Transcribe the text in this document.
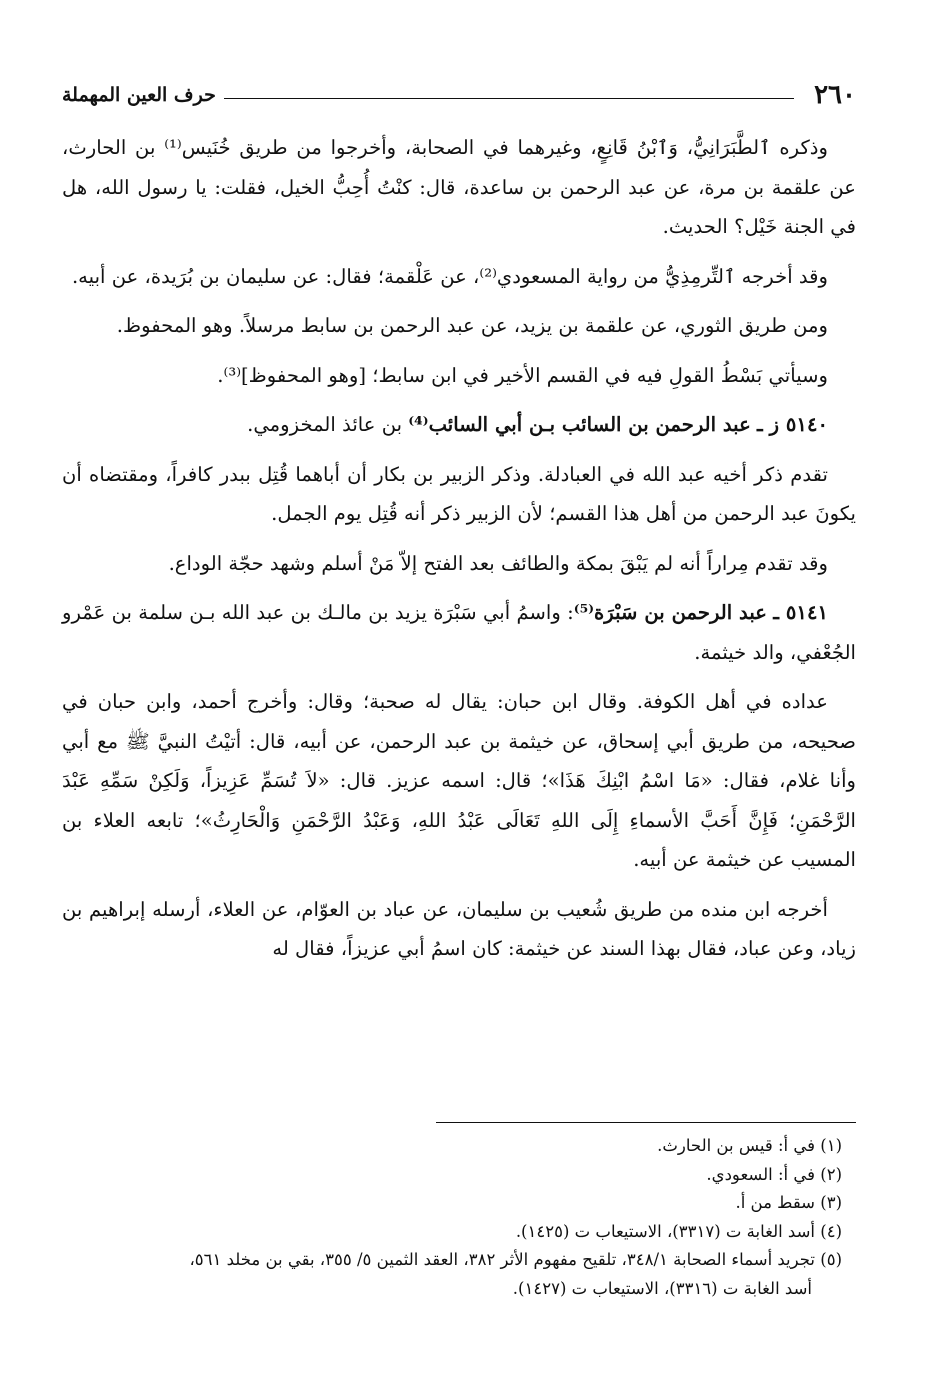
٢٦٠
حرف العين المهملة

وذكره ٱلطَّبَرَانِيُّ، وَٱبْنُ قَانِعٍ، وغيرهما في الصحابة، وأخرجوا من طريق خُنَيس⁽¹⁾ بن الحارث، عن علقمة بن مرة، عن عبد الرحمن بن ساعدة، قال: كنْتُ أُحِبُّ الخيل، فقلت: يا رسول الله، هل في الجنة خَيْل؟ الحديث.

وقد أخرجه ٱلتِّرمِذِيُّ من رواية المسعودي⁽²⁾، عن عَلْقمة؛ فقال: عن سليمان بن بُرَيدة، عن أبيه.

ومن طريق الثوري، عن علقمة بن يزيد، عن عبد الرحمن بن سابط مرسلاً. وهو المحفوظ.

وسيأتي بَسْطُ القولِ فيه في القسم الأخير في ابن سابط؛ [وهو المحفوظ]⁽³⁾.

٥١٤٠ ز ـ عبد الرحمن بن السائب بـن أبي السائب⁽⁴⁾ بن عائذ المخزومي.

تقدم ذكر أخيه عبد الله في العبادلة. وذكر الزبير بن بكار أن أباهما قُتِل ببدر كافراً، ومقتضاه أن يكونَ عبد الرحمن من أهل هذا القسم؛ لأن الزبير ذكر أنه قُتِل يوم الجمل.

وقد تقدم مِراراً أنه لم يَبْقَ بمكة والطائف بعد الفتح إلاّ مَنْ أسلم وشهد حجّة الوداع.

٥١٤١ ـ عبد الرحمن بن سَبْرَة⁽⁵⁾: واسمُ أبي سَبْرَة يزيد بن مالـك بن عبد الله بـن سلمة بن عَمْرو الجُعْفي، والد خيثمة.

عداده في أهل الكوفة. وقال ابن حبان: يقال له صحبة؛ وقال: وأخرج أحمد، وابن حبان في صحيحه، من طريق أبي إسحاق، عن خيثمة بن عبد الرحمن، عن أبيه، قال: أتيْتُ النبيَّ ﷺ مع أبي وأنا غلام، فقال: «مَا اسْمُ ابْنِكَ هَذَا»؛ قال: اسمه عزيز. قال: «لاَ تُسَمِّ عَزِيزاً، وَلَكِنْ سَمِّهِ عَبْدَ الرَّحْمَنِ؛ فَإِنَّ أَحَبَّ الأسماءِ إِلَى اللهِ تَعَالَى عَبْدُ اللهِ، وَعَبْدُ الرَّحْمَنِ وَالْحَارِثُ»؛ تابعه العلاء بن المسيب عن خيثمة عن أبيه.

أخرجه ابن منده من طريق شُعيب بن سليمان، عن عباد بن العوّام، عن العلاء، أرسله إبراهيم بن زياد، وعن عباد، فقال بهذا السند عن خيثمة: كان اسمُ أبي عزيزاً، فقال له

(١) في أ: قيس بن الحارث.

(٢) في أ: السعودي.

(٣) سقط من أ.

(٤) أسد الغابة ت (٣٣١٧)، الاستيعاب ت (١٤٢٥).

(٥) تجريد أسماء الصحابة ٣٤٨/١، تلقيح مفهوم الأثر ٣٨٢، العقد الثمين ٥/ ٣٥٥، بقي بن مخلد ٥٦١،

أسد الغابة ت (٣٣١٦)، الاستيعاب ت (١٤٢٧).
